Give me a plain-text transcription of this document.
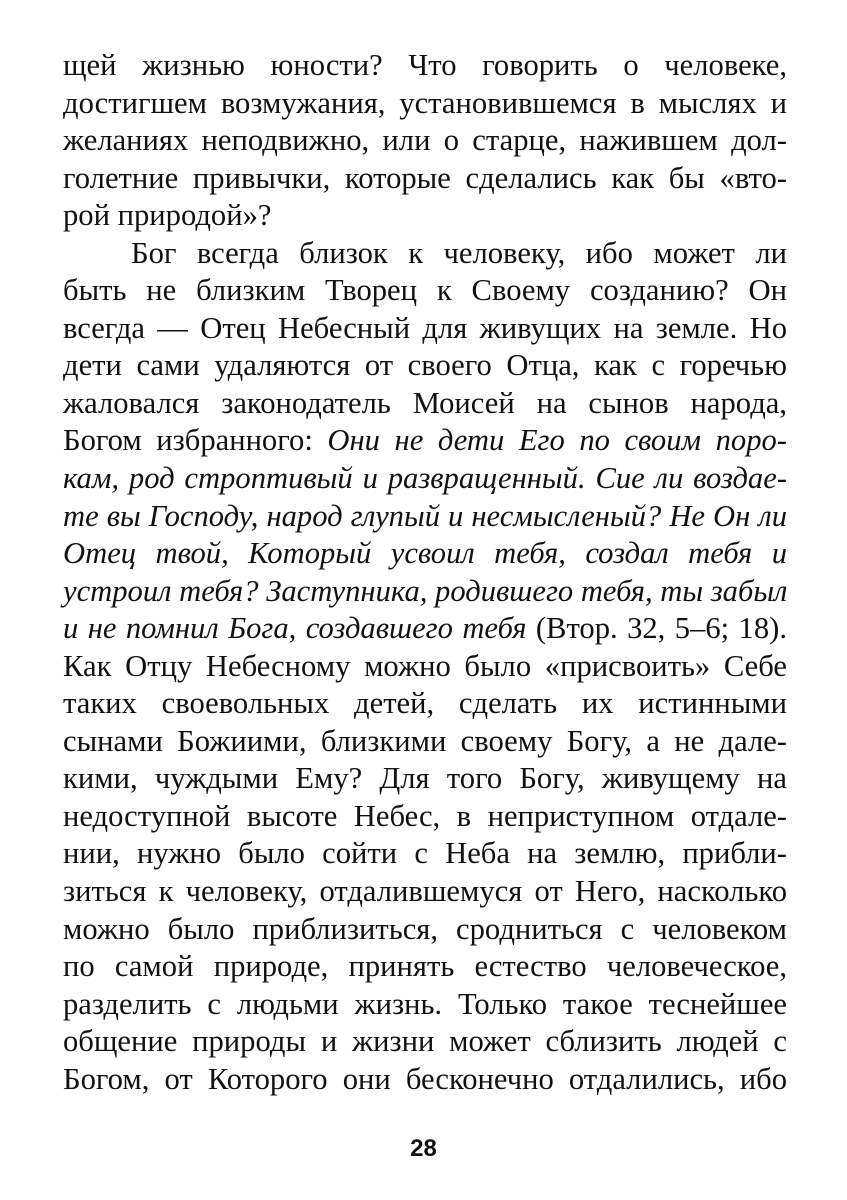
щей жизнью юности? Что говорить о человеке,
достигшем возмужания, установившемся в мыслях и
желаниях неподвижно, или о старце, нажившем дол-
голетние привычки, которые сделались как бы «вто-
рой природой»?
Бог всегда близок к человеку, ибо может ли
быть не близким Творец к Своему созданию? Он
всегда — Отец Небесный для живущих на земле. Но
дети сами удаляются от своего Отца, как с горечью
жаловался законодатель Моисей на сынов народа,
Богом избранного: Они не дети Его по своим поро-
кам, род строптивый и развращенный. Сие ли воздае-
те вы Господу, народ глупый и несмысленый? Не Он ли
Отец твой, Который усвоил тебя, создал тебя и
устроил тебя? Заступника, родившего тебя, ты забыл
и не помнил Бога, создавшего тебя (Втор. 32, 5–6; 18).
Как Отцу Небесному можно было «присвоить» Себе
таких своевольных детей, сделать их истинными
сынами Божиими, близкими своему Богу, а не дале-
кими, чуждыми Ему? Для того Богу, живущему на
недоступной высоте Небес, в неприступном отдале-
нии, нужно было сойти с Неба на землю, прибли-
зиться к человеку, отдалившемуся от Него, насколько
можно было приблизиться, сродниться с человеком
по самой природе, принять естество человеческое,
разделить с людьми жизнь. Только такое теснейшее
общение природы и жизни может сблизить людей с
Богом, от Которого они бесконечно отдалились, ибо
28
